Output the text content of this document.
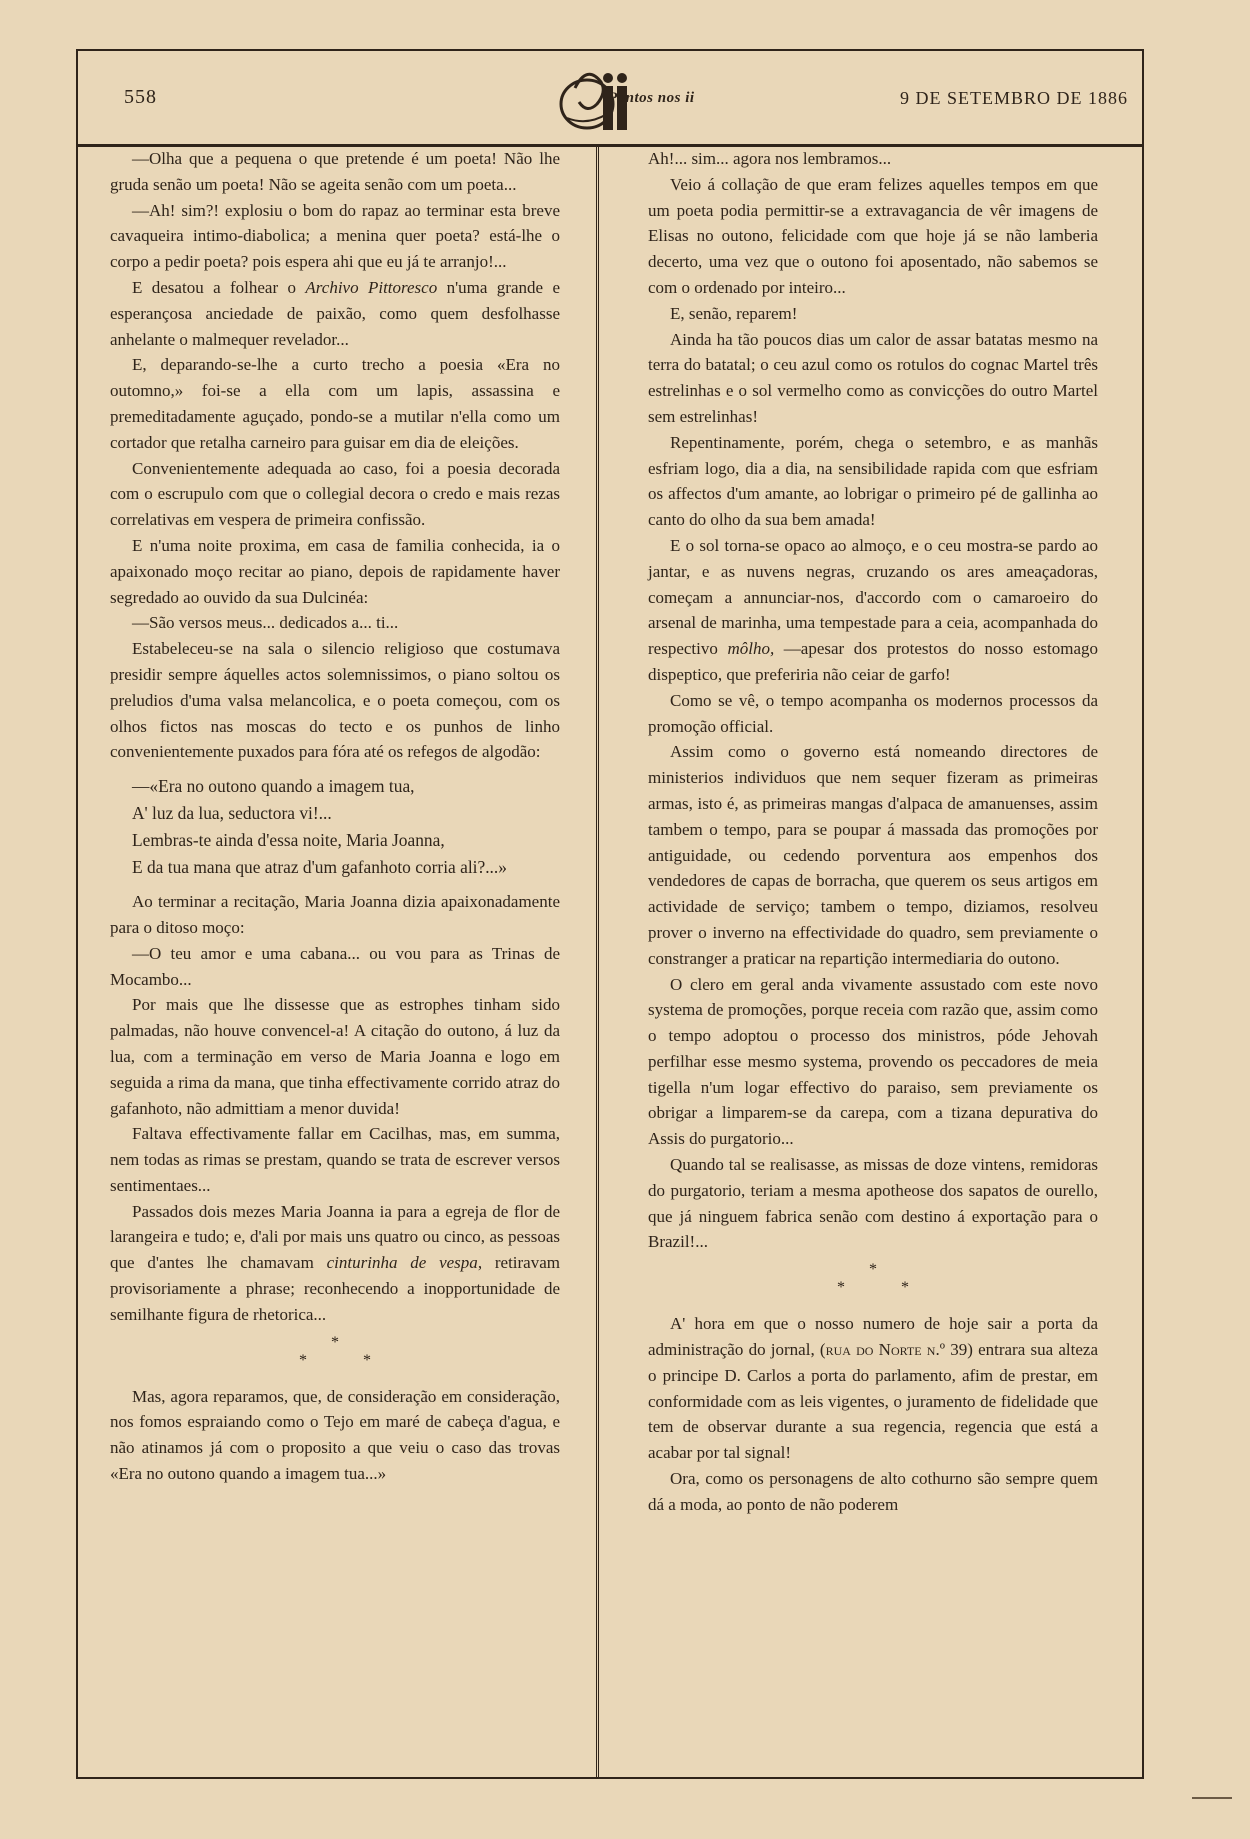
558	Pontos nos ii	9 DE SETEMBRO DE 1886

—Olha que a pequena o que pretende é um poeta! Não lhe gruda senão um poeta! Não se ageita senão com um poeta...

—Ah! sim?! explosiu o bom do rapaz ao terminar esta breve cavaqueira intimo-diabolica; a menina quer poeta? está-lhe o corpo a pedir poeta? pois espera ahi que eu já te arranjo!...

E desatou a folhear o Archivo Pittoresco n'uma grande e esperançosa anciedade de paixão, como quem desfolhasse anhelante o malmequer revelador...

E, deparando-se-lhe a curto trecho a poesia «Era no outomno,» foi-se a ella com um lapis, assassina e premeditadamente aguçado, pondo-se a mutilar n'ella como um cortador que retalha carneiro para guisar em dia de eleições.

Convenientemente adequada ao caso, foi a poesia decorada com o escrupulo com que o collegial decora o credo e mais rezas correlativas em vespera de primeira confissão.

E n'uma noite proxima, em casa de familia conhecida, ia o apaixonado moço recitar ao piano, depois de rapidamente haver segredado ao ouvido da sua Dulcinéa:

—São versos meus... dedicados a... ti...

Estabeleceu-se na sala o silencio religioso que costumava presidir sempre áquelles actos solemnissimos, o piano soltou os preludios d'uma valsa melancolica, e o poeta começou, com os olhos fictos nas moscas do tecto e os punhos de linho convenientemente puxados para fóra até os refegos de algodão:

—«Era no outono quando a imagem tua,

A' luz da lua, seductora vi!...

Lembras-te ainda d'essa noite, Maria Joanna,

E da tua mana que atraz d'um gafanhoto corria ali?...»

Ao terminar a recitação, Maria Joanna dizia apaixonadamente para o ditoso moço:

—O teu amor e uma cabana... ou vou para as Trinas de Mocambo...

Por mais que lhe dissesse que as estrophes tinham sido palmadas, não houve convencel-a! A citação do outono, á luz da lua, com a terminação em verso de Maria Joanna e logo em seguida a rima da mana, que tinha effectivamente corrido atraz do gafanhoto, não admittiam a menor duvida!

Faltava effectivamente fallar em Cacilhas, mas, em summa, nem todas as rimas se prestam, quando se trata de escrever versos sentimentaes...

Passados dois mezes Maria Joanna ia para a egreja de flor de larangeira e tudo; e, d'ali por mais uns quatro ou cinco, as pessoas que d'antes lhe chamavam cinturinha de vespa, retiravam provisoriamente a phrase; reconhecendo a inopportunidade de semilhante figura de rhetorica...

*
* *

Mas, agora reparamos, que, de consideração em consideração, nos fomos espraiando como o Tejo em maré de cabeça d'agua, e não atinamos já com o proposito a que veiu o caso das trovas «Era no outono quando a imagem tua...»

Ah!... sim... agora nos lembramos...

Veio á collação de que eram felizes aquelles tempos em que um poeta podia permittir-se a extravagancia de vêr imagens de Elisas no outono, felicidade com que hoje já se não lamberia decerto, uma vez que o outono foi aposentado, não sabemos se com o ordenado por inteiro...

E, senão, reparem!

Ainda ha tão poucos dias um calor de assar batatas mesmo na terra do batatal; o ceu azul como os rotulos do cognac Martel três estrelinhas e o sol vermelho como as convicções do outro Martel sem estrelinhas!

Repentinamente, porém, chega o setembro, e as manhãs esfriam logo, dia a dia, na sensibilidade rapida com que esfriam os affectos d'um amante, ao lobrigar o primeiro pé de gallinha ao canto do olho da sua bem amada!

E o sol torna-se opaco ao almoço, e o ceu mostra-se pardo ao jantar, e as nuvens negras, cruzando os ares ameaçadoras, começam a annunciar-nos, d'accordo com o camaroeiro do arsenal de marinha, uma tempestade para a ceia, acompanhada do respectivo môlho, —apesar dos protestos do nosso estomago dispeptico, que preferiria não ceiar de garfo!

Como se vê, o tempo acompanha os modernos processos da promoção official.

Assim como o governo está nomeando directores de ministerios individuos que nem sequer fizeram as primeiras armas, isto é, as primeiras mangas d'alpaca de amanuenses, assim tambem o tempo, para se poupar á massada das promoções por antiguidade, ou cedendo porventura aos empenhos dos vendedores de capas de borracha, que querem os seus artigos em actividade de serviço; tambem o tempo, diziamos, resolveu prover o inverno na effectividade do quadro, sem previamente o constranger a praticar na repartição intermediaria do outono.

O clero em geral anda vivamente assustado com este novo systema de promoções, porque receia com razão que, assim como o tempo adoptou o processo dos ministros, póde Jehovah perfilhar esse mesmo systema, provendo os peccadores de meia tigella n'um logar effectivo do paraiso, sem previamente os obrigar a limparem-se da carepa, com a tizana depurativa do Assis do purgatorio...

Quando tal se realisasse, as missas de doze vintens, remidoras do purgatorio, teriam a mesma apotheose dos sapatos de ourello, que já ninguem fabrica senão com destino á exportação para o Brazil!...

*
* *

A' hora em que o nosso numero de hoje sair a porta da administração do jornal, (rua do Norte n.º 39) entrara sua alteza o principe D. Carlos a porta do parlamento, afim de prestar, em conformidade com as leis vigentes, o juramento de fidelidade que tem de observar durante a sua regencia, regencia que está a acabar por tal signal!

Ora, como os personagens de alto cothurno são sempre quem dá a moda, ao ponto de não poderem
